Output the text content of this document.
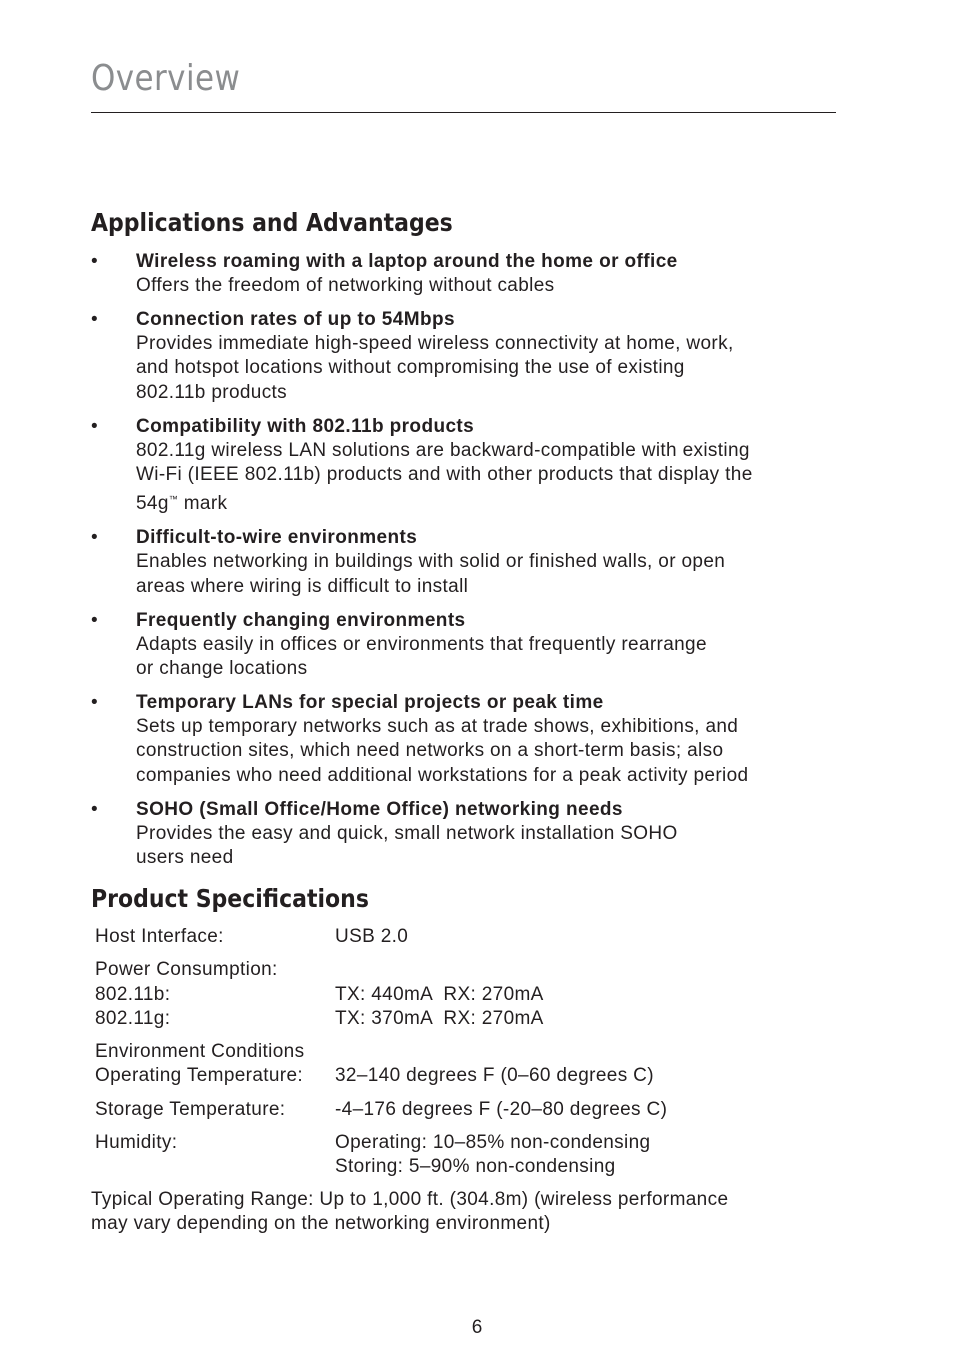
Overview
Applications and Advantages
• Wireless roaming with a laptop around the home or office
Offers the freedom of networking without cables
• Connection rates of up to 54Mbps
Provides immediate high-speed wireless connectivity at home, work,
and hotspot locations without compromising the use of existing
802.11b products
• Compatibility with 802.11b products
802.11g wireless LAN solutions are backward-compatible with existing
Wi-Fi (IEEE 802.11b) products and with other products that display the
54g™ mark
• Difficult-to-wire environments
Enables networking in buildings with solid or finished walls, or open
areas where wiring is difficult to install
• Frequently changing environments
Adapts easily in offices or environments that frequently rearrange
or change locations
• Temporary LANs for special projects or peak time
Sets up temporary networks such as at trade shows, exhibitions, and
construction sites, which need networks on a short-term basis; also
companies who need additional workstations for a peak activity period
• SOHO (Small Office/Home Office) networking needs
Provides the easy and quick, small network installation SOHO
users need
Product Specifications
Host Interface:	USB 2.0
Power Consumption:
802.11b:	TX: 440mA  RX: 270mA
802.11g:	TX: 370mA  RX: 270mA
Environment Conditions
Operating Temperature: 32–140 degrees F (0–60 degrees C)
Storage Temperature:	-4–176 degrees F (-20–80 degrees C)
Humidity:	Operating: 10–85% non-condensing
Storing: 5–90% non-condensing
Typical Operating Range: Up to 1,000 ft. (304.8m) (wireless performance
may vary depending on the networking environment)
6
